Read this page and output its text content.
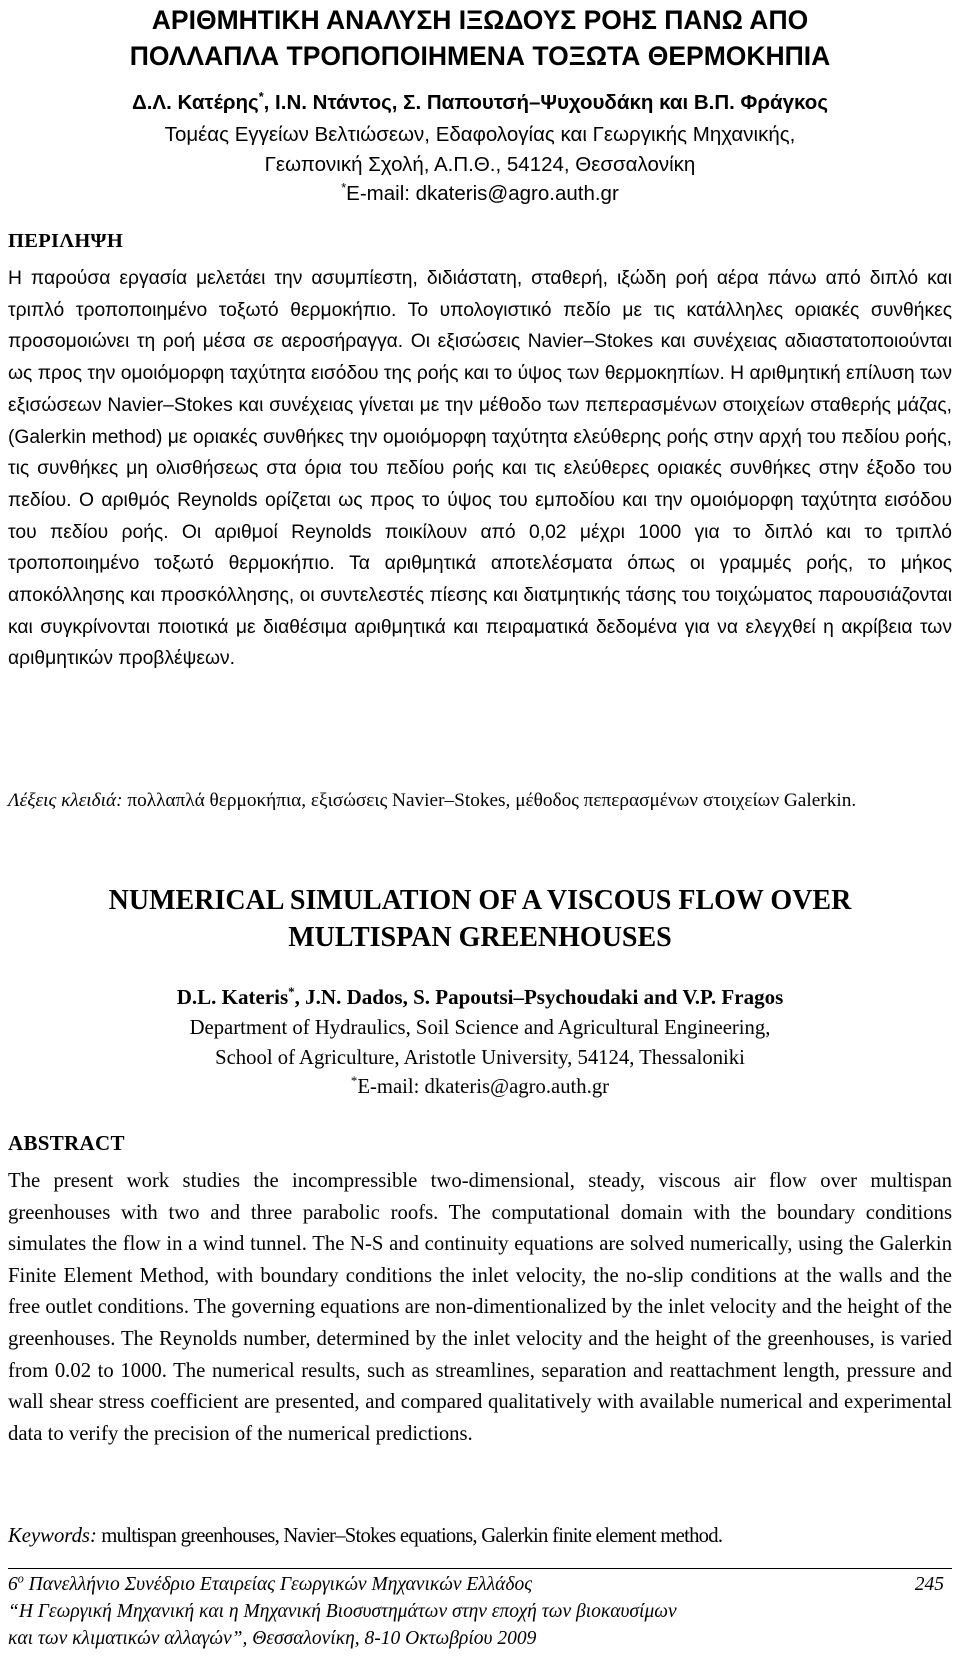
ΑΡΙΘΜΗΤΙΚΗ ΑΝΑΛΥΣΗ ΙΞΩΔΟΥΣ ΡΟΗΣ ΠΑΝΩ ΑΠΟ
ΠΟΛΛΑΠΛΑ ΤΡΟΠΟΠΟΙΗΜΕΝΑ ΤΟΞΩΤΑ ΘΕΡΜΟΚΗΠΙΑ
Δ.Λ. Κατέρης*, Ι.Ν. Ντάντος, Σ. Παπουτσή–Ψυχουδάκη και Β.Π. Φράγκος
Τομέας Εγγείων Βελτιώσεων, Εδαφολογίας και Γεωργικής Μηχανικής,
Γεωπονική Σχολή, Α.Π.Θ., 54124, Θεσσαλονίκη
*E-mail: dkateris@agro.auth.gr
ΠΕΡΙΛΗΨΗ
Η παρούσα εργασία μελετάει την ασυμπίεστη, διδιάστατη, σταθερή, ιξώδη ροή αέρα πάνω από διπλό και τριπλό τροποποιημένο τοξωτό θερμοκήπιο. Το υπολογιστικό πεδίο με τις κατάλληλες οριακές συνθήκες προσομοιώνει τη ροή μέσα σε αεροσήραγγα. Οι εξισώσεις Navier–Stokes και συνέχειας αδιαστατοποιούνται ως προς την ομοιόμορφη ταχύτητα εισόδου της ροής και το ύψος των θερμοκηπίων. Η αριθμητική επίλυση των εξισώσεων Navier–Stokes και συνέχειας γίνεται με την μέθοδο των πεπερασμένων στοιχείων σταθερής μάζας, (Galerkin method) με οριακές συνθήκες την ομοιόμορφη ταχύτητα ελεύθερης ροής στην αρχή του πεδίου ροής, τις συνθήκες μη ολισθήσεως στα όρια του πεδίου ροής και τις ελεύθερες οριακές συνθήκες στην έξοδο του πεδίου. Ο αριθμός Reynolds ορίζεται ως προς το ύψος του εμποδίου και την ομοιόμορφη ταχύτητα εισόδου του πεδίου ροής. Οι αριθμοί Reynolds ποικίλουν από 0,02 μέχρι 1000 για το διπλό και το τριπλό τροποποιημένο τοξωτό θερμοκήπιο. Τα αριθμητικά αποτελέσματα όπως οι γραμμές ροής, το μήκος αποκόλλησης και προσκόλλησης, οι συντελεστές πίεσης και διατμητικής τάσης του τοιχώματος παρουσιάζονται και συγκρίνονται ποιοτικά με διαθέσιμα αριθμητικά και πειραματικά δεδομένα για να ελεγχθεί η ακρίβεια των αριθμητικών προβλέψεων.
Λέξεις κλειδιά: πολλαπλά θερμοκήπια, εξισώσεις Navier–Stokes, μέθοδος πεπερασμένων στοιχείων Galerkin.
NUMERICAL SIMULATION OF A VISCOUS FLOW OVER
MULTISPAN GREENHOUSES
D.L. Kateris*, J.N. Dados, S. Papoutsi–Psychoudaki and V.P. Fragos
Department of Hydraulics, Soil Science and Agricultural Engineering,
School of Agriculture, Aristotle University, 54124, Thessaloniki
*E-mail: dkateris@agro.auth.gr
ABSTRACT
The present work studies the incompressible two-dimensional, steady, viscous air flow over multispan greenhouses with two and three parabolic roofs. The computational domain with the boundary conditions simulates the flow in a wind tunnel. The N-S and continuity equations are solved numerically, using the Galerkin Finite Element Method, with boundary conditions the inlet velocity, the no-slip conditions at the walls and the free outlet conditions. The governing equations are non-dimentionalized by the inlet velocity and the height of the greenhouses. The Reynolds number, determined by the inlet velocity and the height of the greenhouses, is varied from 0.02 to 1000. The numerical results, such as streamlines, separation and reattachment length, pressure and wall shear stress coefficient are presented, and compared qualitatively with available numerical and experimental data to verify the precision of the numerical predictions.
Keywords: multispan greenhouses, Navier–Stokes equations, Galerkin finite element method.
6$^o$ Πανελλήνιο Συνέδριο Εταιρείας Γεωργικών Μηχανικών Ελλάδος	245
“Η Γεωργική Μηχανική και η Μηχανική Βιοσυστημάτων στην εποχή των βιοκαυσίμων
και των κλιματικών αλλαγών”, Θεσσαλονίκη, 8-10 Οκτωβρίου 2009
